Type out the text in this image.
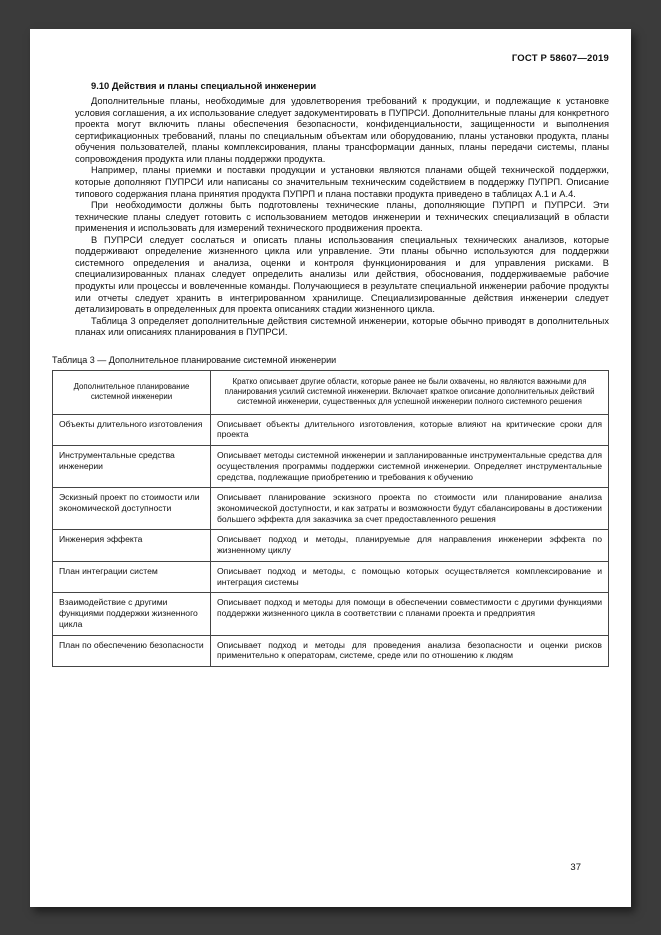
ГОСТ Р 58607—2019
9.10 Действия и планы специальной инженерии

Дополнительные планы, необходимые для удовлетворения требований к продукции, и подлежащие к установке условия соглашения, а их использование следует задокументировать в ПУПРСИ. Дополнительные планы для конкретного проекта могут включить планы обеспечения безопасности, конфиденциальности, защищенности и выполнения сертификационных требований, планы по специальным объектам или оборудованию, планы установки продукта, планы обучения пользователей, планы комплексирования, планы трансформации данных, планы передачи системы, планы сопровождения продукта или планы поддержки продукта.

Например, планы приемки и поставки продукции и установки являются планами общей технической поддержки, которые дополняют ПУПРСИ или написаны со значительным техническим содействием в поддержку ПУПРП. Описание типового содержания плана принятия продукта ПУПРП и плана поставки продукта приведено в таблицах А.1 и А.4.

При необходимости должны быть подготовлены технические планы, дополняющие ПУПРП и ПУПРСИ. Эти технические планы следует готовить с использованием методов инженерии и технических специализаций в области применения и использовать для измерений технического продвижения проекта.

В ПУПРСИ следует сослаться и описать планы использования специальных технических анализов, которые поддерживают определение жизненного цикла или управление. Эти планы обычно используются для поддержки системного определения и анализа, оценки и контроля функционирования и для управления рисками. В специализированных планах следует определить анализы или действия, обоснования, поддерживаемые рабочие продукты или процессы и вовлеченные команды. Получающиеся в результате специальной инженерии рабочие продукты или отчеты следует хранить в интегрированном хранилище. Специализированные действия инженерии следует детализировать в определенных для проекта описаниях стадии жизненного цикла.

Таблица 3 определяет дополнительные действия системной инженерии, которые обычно приводят в дополнительных планах или описаниях планирования в ПУПРСИ.

Таблица 3 — Дополнительное планирование системной инженерии
Дополнительное планирование системной инженерии	Кратко описывает другие области, которые ранее не были охвачены, но являются важными для планирования усилий системной инженерии. Включает краткое описание дополнительных действий системной инженерии, существенных для успешной инженерии полного системного решения
Объекты длительного изготовления	Описывает объекты длительного изготовления, которые влияют на критические сроки для проекта
Инструментальные средства инженерии	Описывает методы системной инженерии и запланированные инструментальные средства для осуществления программы поддержки системной инженерии. Определяет инструментальные средства, подлежащие приобретению и требования к обучению
Эскизный проект по стоимости или экономической доступности	Описывает планирование эскизного проекта по стоимости или планирование анализа экономической доступности, и как затраты и возможности будут сбалансированы в достижении большего эффекта для заказчика за счет предоставленного решения
Инженерия эффекта	Описывает подход и методы, планируемые для направления инженерии эффекта по жизненному циклу
План интеграции систем	Описывает подход и методы, с помощью которых осуществляется комплексирование и интеграция системы
Взаимодействие с другими функциями поддержки жизненного цикла	Описывает подход и методы для помощи в обеспечении совместимости с другими функциями поддержки жизненного цикла в соответствии с планами проекта и предприятия
План по обеспечению безопасности	Описывает подход и методы для проведения анализа безопасности и оценки рисков применительно к операторам, системе, среде или по отношению к людям
37
